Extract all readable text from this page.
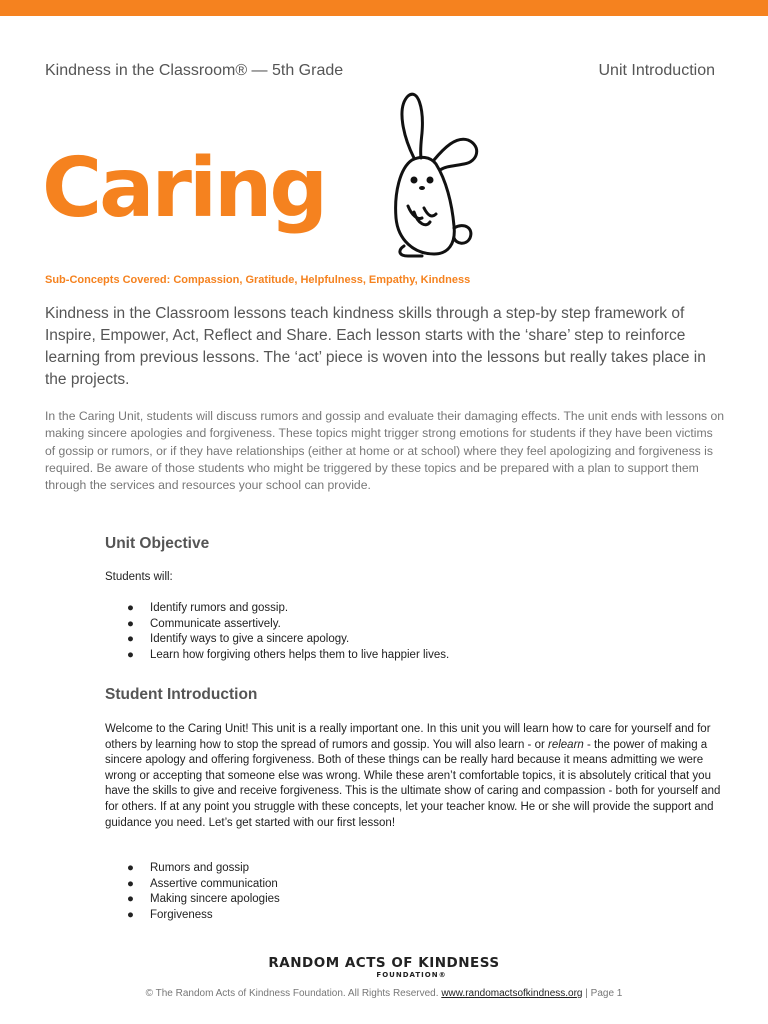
Kindness in the Classroom® — 5th Grade	Unit Introduction
Caring
Sub-Concepts Covered: Compassion, Gratitude, Helpfulness, Empathy, Kindness

Kindness in the Classroom lessons teach kindness skills through a step-by step framework of Inspire, Empower, Act, Reflect and Share. Each lesson starts with the ‘share’ step to reinforce learning from previous lessons. The ‘act’ piece is woven into the lessons but really takes place in the projects.

In the Caring Unit, students will discuss rumors and gossip and evaluate their damaging effects. The unit ends with lessons on making sincere apologies and forgiveness. These topics might trigger strong emotions for students if they have been victims of gossip or rumors, or if they have relationships (either at home or at school) where they feel apologizing and forgiveness is required. Be aware of those students who might be triggered by these topics and be prepared with a plan to support them through the services and resources your school can provide.

Unit Objective
Students will:
● Identify rumors and gossip.
● Communicate assertively.
● Identify ways to give a sincere apology.
● Learn how forgiving others helps them to live happier lives.
Student Introduction

Welcome to the Caring Unit! This unit is a really important one. In this unit you will learn how to care for yourself and for others by learning how to stop the spread of rumors and gossip. You will also learn - or relearn - the power of making a sincere apology and offering forgiveness. Both of these things can be really hard because it means admitting we were wrong or accepting that someone else was wrong. While these aren’t comfortable topics, it is absolutely critical that you have the skills to give and receive forgiveness. This is the ultimate show of caring and compassion - both for yourself and for others. If at any point you struggle with these concepts, let your teacher know. He or she will provide the support and guidance you need. Let’s get started with our first lesson!

● Rumors and gossip
● Assertive communication
● Making sincere apologies
● Forgiveness
RANDOM ACTS OF KINDNESS
FOUNDATION®
© The Random Acts of Kindness Foundation. All Rights Reserved. www.randomactsofkindness.org | Page 1
